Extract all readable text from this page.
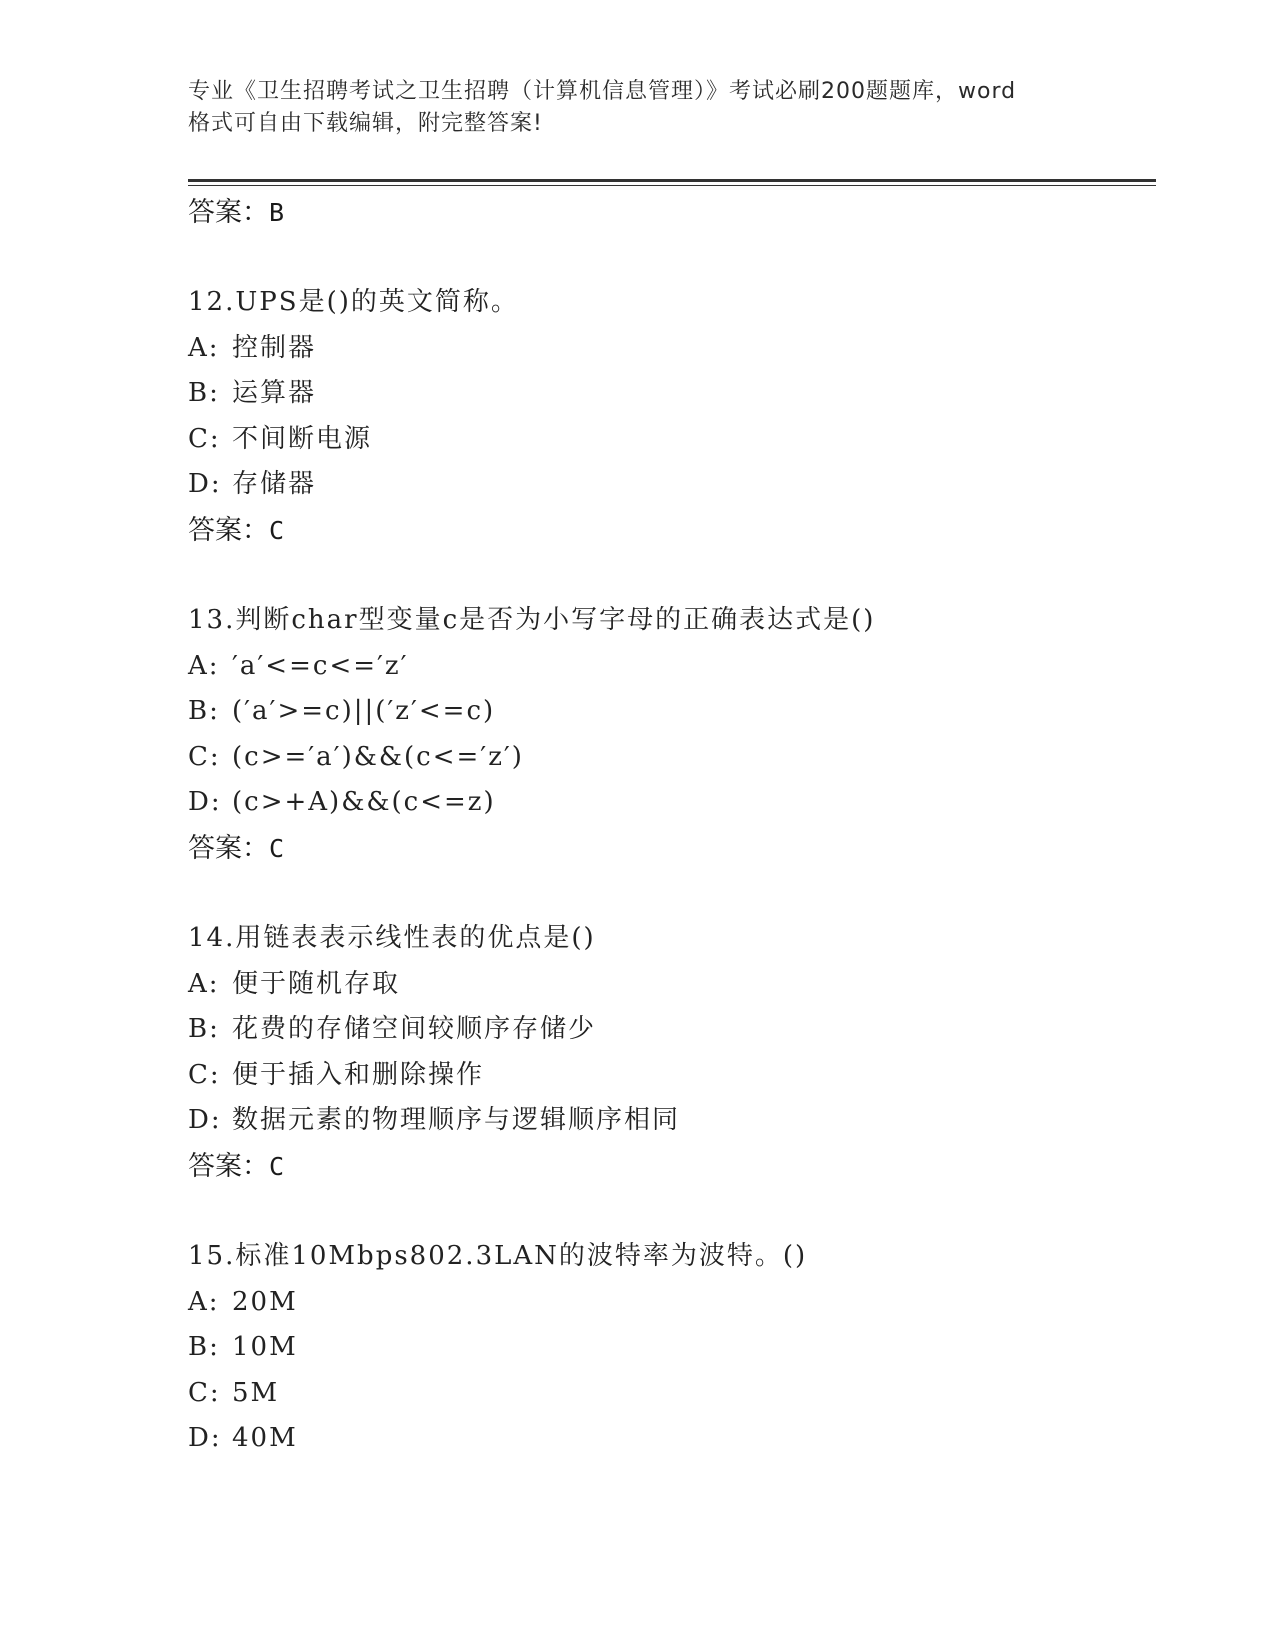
专业《卫生招聘考试之卫生招聘（计算机信息管理）》考试必刷200题题库，word
格式可自由下载编辑，附完整答案!
答案：B
12.UPS是()的英文简称。
A: 控制器
B: 运算器
C: 不间断电源
D: 存储器
答案：C
13.判断char型变量c是否为小写字母的正确表达式是()
A: ′a′<=c<=′z′
B: (′a′>=c)||(′z′<=c)
C: (c>=′a′)&&(c<=′z′)
D: (c>+A)&&(c<=z)
答案：C
14.用链表表示线性表的优点是()
A: 便于随机存取
B: 花费的存储空间较顺序存储少
C: 便于插入和删除操作
D: 数据元素的物理顺序与逻辑顺序相同
答案：C
15.标准10Mbps802.3LAN的波特率为波特。()
A: 20M
B: 10M
C: 5M
D: 40M
